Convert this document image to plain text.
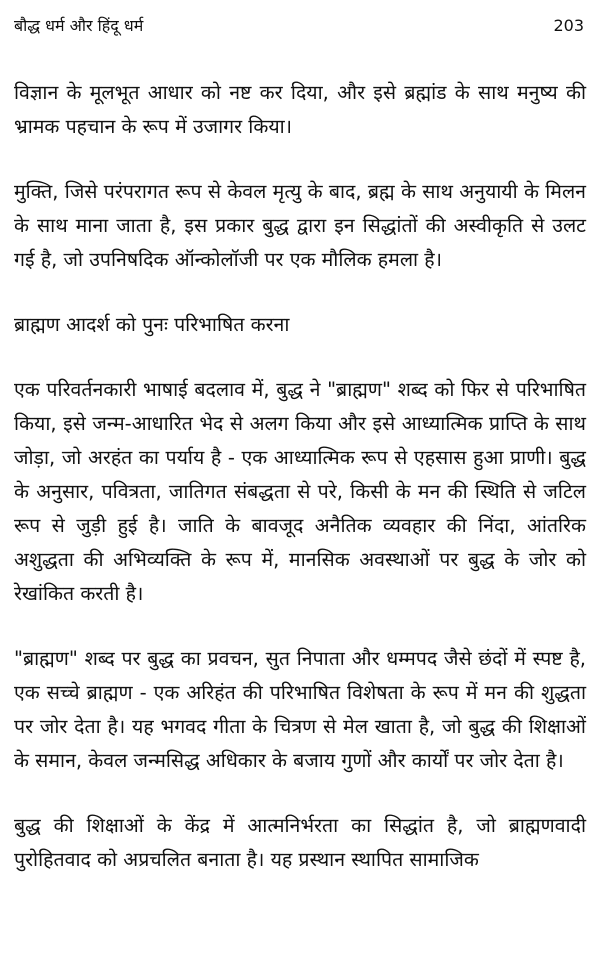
बौद्ध धर्म और हिंदू धर्म	203

विज्ञान के मूलभूत आधार को नष्ट कर दिया, और इसे ब्रह्मांड के साथ मनुष्य की भ्रामक पहचान के रूप में उजागर किया।

मुक्ति, जिसे परंपरागत रूप से केवल मृत्यु के बाद, ब्रह्म के साथ अनुयायी के मिलन के साथ माना जाता है, इस प्रकार बुद्ध द्वारा इन सिद्धांतों की अस्वीकृति से उलट गई है, जो उपनिषदिक ऑन्कोलॉजी पर एक मौलिक हमला है।

ब्राह्मण आदर्श को पुनः परिभाषित करना

एक परिवर्तनकारी भाषाई बदलाव में, बुद्ध ने "ब्राह्मण" शब्द को फिर से परिभाषित किया, इसे जन्म-आधारित भेद से अलग किया और इसे आध्यात्मिक प्राप्ति के साथ जोड़ा, जो अरहंत का पर्याय है - एक आध्यात्मिक रूप से एहसास हुआ प्राणी। बुद्ध के अनुसार, पवित्रता, जातिगत संबद्धता से परे, किसी के मन की स्थिति से जटिल रूप से जुड़ी हुई है। जाति के बावजूद अनैतिक व्यवहार की निंदा, आंतरिक अशुद्धता की अभिव्यक्ति के रूप में, मानसिक अवस्थाओं पर बुद्ध के जोर को रेखांकित करती है।

"ब्राह्मण" शब्द पर बुद्ध का प्रवचन, सुत निपाता और धम्मपद जैसे छंदों में स्पष्ट है, एक सच्चे ब्राह्मण - एक अरिहंत की परिभाषित विशेषता के रूप में मन की शुद्धता पर जोर देता है। यह भगवद गीता के चित्रण से मेल खाता है, जो बुद्ध की शिक्षाओं के समान, केवल जन्मसिद्ध अधिकार के बजाय गुणों और कार्यों पर जोर देता है।

बुद्ध की शिक्षाओं के केंद्र में आत्मनिर्भरता का सिद्धांत है, जो ब्राह्मणवादी पुरोहितवाद को अप्रचलित बनाता है। यह प्रस्थान स्थापित सामाजिक
